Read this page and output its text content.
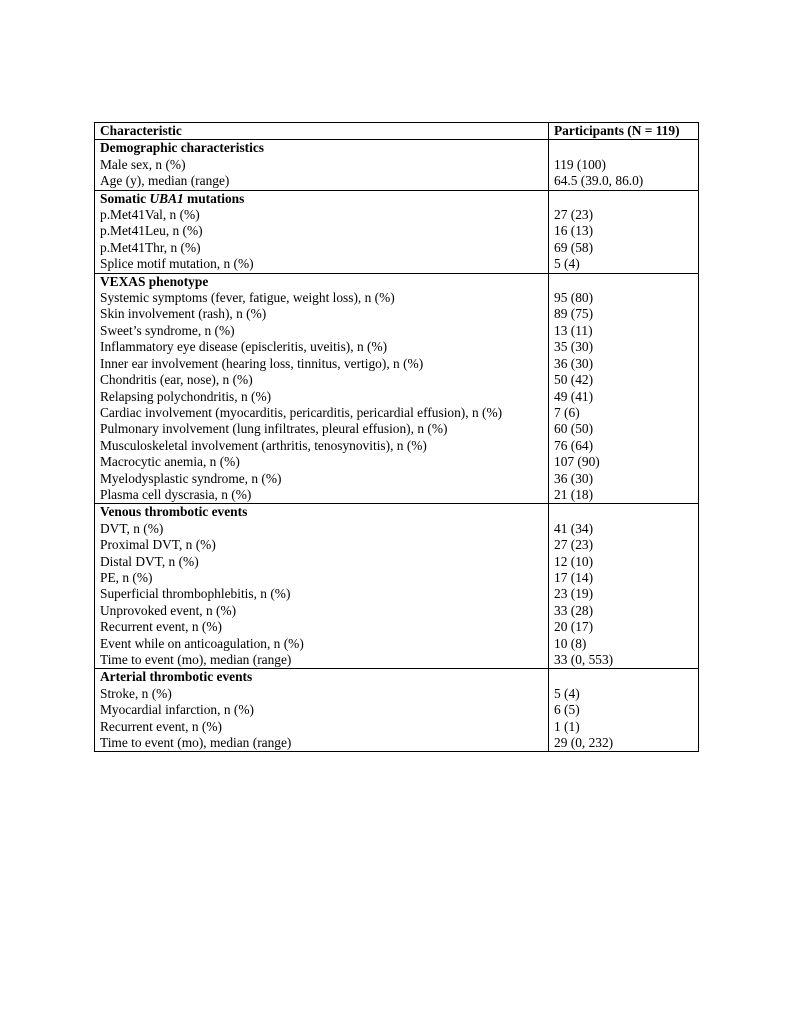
Characteristic	Participants (N = 119)
Demographic characteristics	
Male sex, n (%)	119 (100)
Age (y), median (range)	64.5 (39.0, 86.0)
Somatic UBA1 mutations	
p.Met41Val, n (%)	27 (23)
p.Met41Leu, n (%)	16 (13)
p.Met41Thr, n (%)	69 (58)
Splice motif mutation, n (%)	5 (4)
VEXAS phenotype	
Systemic symptoms (fever, fatigue, weight loss), n (%)	95 (80)
Skin involvement (rash), n (%)	89 (75)
Sweet’s syndrome, n (%)	13 (11)
Inflammatory eye disease (episcleritis, uveitis), n (%)	35 (30)
Inner ear involvement (hearing loss, tinnitus, vertigo), n (%)	36 (30)
Chondritis (ear, nose), n (%)	50 (42)
Relapsing polychondritis, n (%)	49 (41)
Cardiac involvement (myocarditis, pericarditis, pericardial effusion), n (%)	7 (6)
Pulmonary involvement (lung infiltrates, pleural effusion), n (%)	60 (50)
Musculoskeletal involvement (arthritis, tenosynovitis), n (%)	76 (64)
Macrocytic anemia, n (%)	107 (90)
Myelodysplastic syndrome, n (%)	36 (30)
Plasma cell dyscrasia, n (%)	21 (18)
Venous thrombotic events	
DVT, n (%)	41 (34)
Proximal DVT, n (%)	27 (23)
Distal DVT, n (%)	12 (10)
PE, n (%)	17 (14)
Superficial thrombophlebitis, n (%)	23 (19)
Unprovoked event, n (%)	33 (28)
Recurrent event, n (%)	20 (17)
Event while on anticoagulation, n (%)	10 (8)
Time to event (mo), median (range)	33 (0, 553)
Arterial thrombotic events	
Stroke, n (%)	5 (4)
Myocardial infarction, n (%)	6 (5)
Recurrent event, n (%)	1 (1)
Time to event (mo), median (range)	29 (0, 232)
